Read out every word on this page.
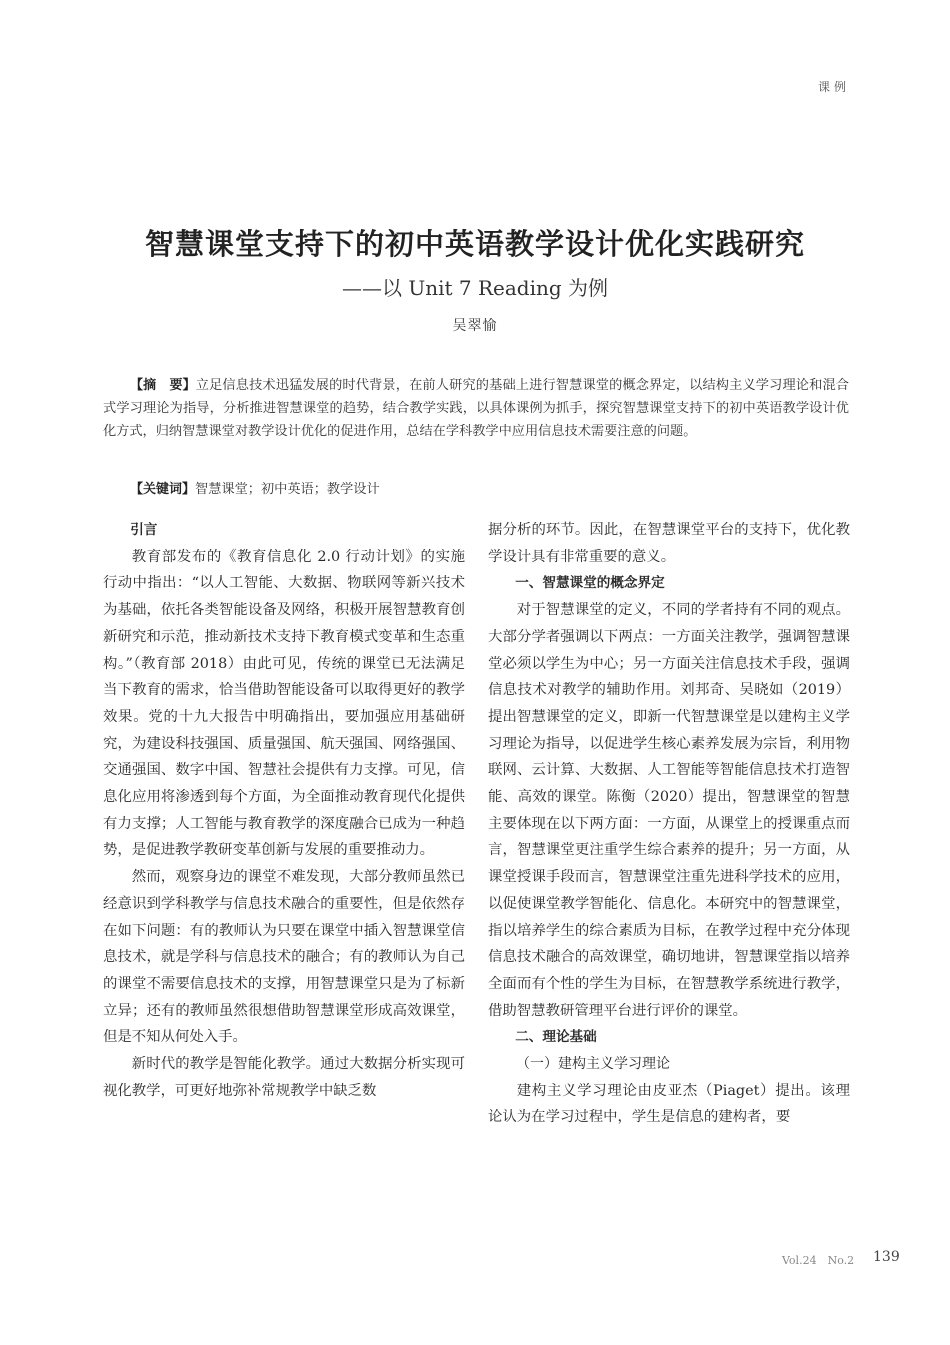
课例
智慧课堂支持下的初中英语教学设计优化实践研究
——以 Unit 7 Reading 为例
吴翠愉
【摘　要】立足信息技术迅猛发展的时代背景，在前人研究的基础上进行智慧课堂的概念界定，以结构主义学习理论和混合式学习理论为指导，分析推进智慧课堂的趋势，结合教学实践，以具体课例为抓手，探究智慧课堂支持下的初中英语教学设计优化方式，归纳智慧课堂对教学设计优化的促进作用，总结在学科教学中应用信息技术需要注意的问题。
【关键词】智慧课堂；初中英语；教学设计
引言

教育部发布的《教育信息化 2.0 行动计划》的实施行动中指出：“以人工智能、大数据、物联网等新兴技术为基础，依托各类智能设备及网络，积极开展智慧教育创新研究和示范，推动新技术支持下教育模式变革和生态重构。”（教育部 2018）由此可见，传统的课堂已无法满足当下教育的需求，恰当借助智能设备可以取得更好的教学效果。党的十九大报告中明确指出，要加强应用基础研究，为建设科技强国、质量强国、航天强国、网络强国、交通强国、数字中国、智慧社会提供有力支撑。可见，信息化应用将渗透到每个方面，为全面推动教育现代化提供有力支撑；人工智能与教育教学的深度融合已成为一种趋势，是促进教学教研变革创新与发展的重要推动力。

然而，观察身边的课堂不难发现，大部分教师虽然已经意识到学科教学与信息技术融合的重要性，但是依然存在如下问题：有的教师认为只要在课堂中插入智慧课堂信息技术，就是学科与信息技术的融合；有的教师认为自己的课堂不需要信息技术的支撑，用智慧课堂只是为了标新立异；还有的教师虽然很想借助智慧课堂形成高效课堂，但是不知从何处入手。

新时代的教学是智能化教学。通过大数据分析实现可视化教学，可更好地弥补常规教学中缺乏数

据分析的环节。因此，在智慧课堂平台的支持下，优化教学设计具有非常重要的意义。

一、智慧课堂的概念界定

对于智慧课堂的定义，不同的学者持有不同的观点。大部分学者强调以下两点：一方面关注教学，强调智慧课堂必须以学生为中心；另一方面关注信息技术手段，强调信息技术对教学的辅助作用。刘邦奇、吴晓如（2019）提出智慧课堂的定义，即新一代智慧课堂是以建构主义学习理论为指导，以促进学生核心素养发展为宗旨，利用物联网、云计算、大数据、人工智能等智能信息技术打造智能、高效的课堂。陈衡（2020）提出，智慧课堂的智慧主要体现在以下两方面：一方面，从课堂上的授课重点而言，智慧课堂更注重学生综合素养的提升；另一方面，从课堂授课手段而言，智慧课堂注重先进科学技术的应用，以促使课堂教学智能化、信息化。本研究中的智慧课堂，指以培养学生的综合素质为目标，在教学过程中充分体现信息技术融合的高效课堂，确切地讲，智慧课堂指以培养全面而有个性的学生为目标，在智慧教学系统进行教学，借助智慧教研管理平台进行评价的课堂。

二、理论基础
（一）建构主义学习理论

建构主义学习理论由皮亚杰（Piaget）提出。该理论认为在学习过程中，学生是信息的建构者，要

Vol.24　No.2 139
